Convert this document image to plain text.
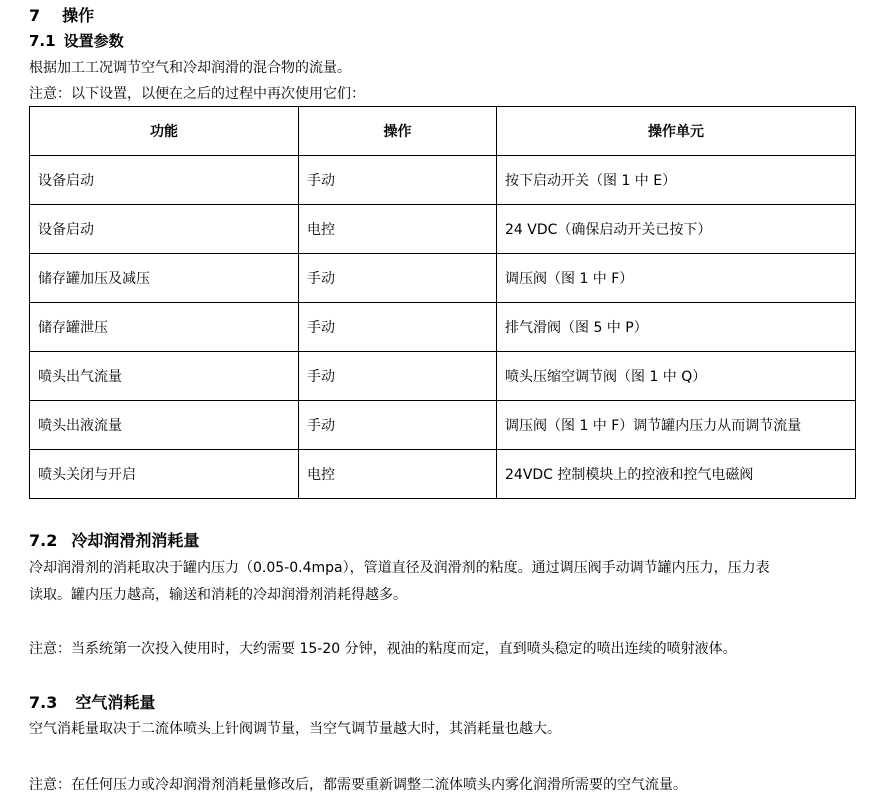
7 操作
7.1 设置参数
根据加工工况调节空气和冷却润滑的混合物的流量。
注意：以下设置，以便在之后的过程中再次使用它们：
功能	操作	操作单元
设备启动	手动	按下启动开关（图 1 中 E）
设备启动	电控	24 VDC（确保启动开关已按下）
储存罐加压及减压	手动	调压阀（图 1 中 F）
储存罐泄压	手动	排气滑阀（图 5 中 P）
喷头出气流量	手动	喷头压缩空调节阀（图 1 中 Q）
喷头出液流量	手动	调压阀（图 1 中 F）调节罐内压力从而调节流量
喷头关闭与开启	电控	24VDC 控制模块上的控液和控气电磁阀
7.2 冷却润滑剂消耗量
冷却润滑剂的消耗取决于罐内压力（0.05-0.4mpa），管道直径及润滑剂的粘度。通过调压阀手动调节罐内压力，压力表
读取。罐内压力越高，输送和消耗的冷却润滑剂消耗得越多。
注意：当系统第一次投入使用时，大约需要 15-20 分钟，视油的粘度而定，直到喷头稳定的喷出连续的喷射液体。
7.3 空气消耗量
空气消耗量取决于二流体喷头上针阀调节量，当空气调节量越大时，其消耗量也越大。
注意：在任何压力或冷却润滑剂消耗量修改后，都需要重新调整二流体喷头内雾化润滑所需要的空气流量。
